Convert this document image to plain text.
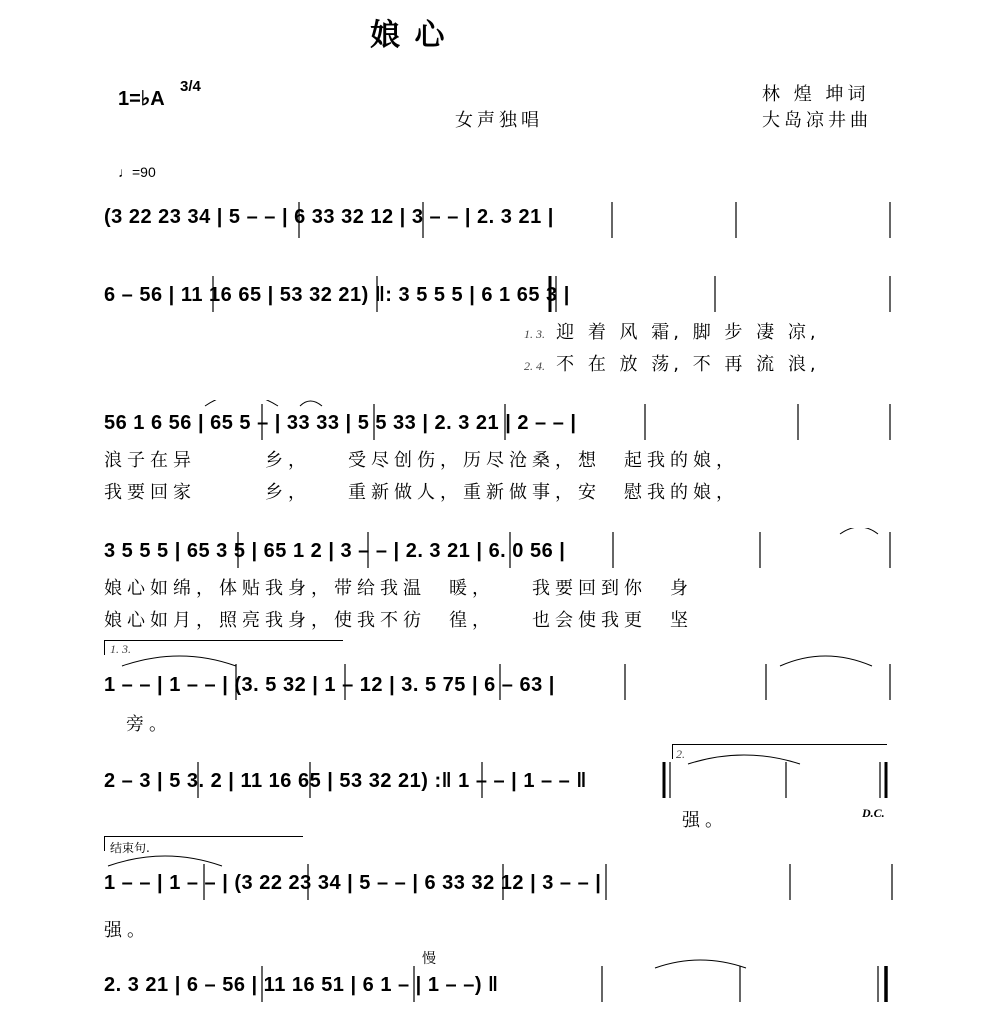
娘 心
1=♭A
3/4
女声独唱
林 煌 坤词
大岛凉井曲
♩=90
(3 22 23 34 | 5 – – | 6 33 32 12 | 3 – – | 2. 3 21 |
6 – 56 | 11 16 65 | 53 32 21) ‖: 3 5 5 5 | 6 1 65 3 |
1. 3. 迎 着 风 霜, 脚 步 凄 凉,
2. 4. 不 在 放 荡, 不 再 流 浪,
56 1 6 56 | 65 5 – | 33 33 | 5 5 33 | 2. 3 21 | 2 – – |
浪子在异　　　乡，　　受尽创伤，历尽沧桑，想　起我的娘，
我要回家　　　乡，　　重新做人，重新做事，安　慰我的娘，
3 5 5 5 | 65 3 5 | 65 1 2 | 3 – – | 2. 3 21 | 6. 0 56 |
娘心如绵，体贴我身，带给我温　暖，　　我要回到你　身
娘心如月，照亮我身，使我不彷　徨，　　也会使我更　坚
1. 3.
1 – – | 1 – – | (3. 5 32 | 1 – 12 | 3. 5 75 | 6 – 63 |
旁。
2.
2 – 3 | 5 3. 2 | 11 16 65 | 53 32 21) :‖ 1 – – | 1 – – ‖
强。	D.C.
结束句.
1 – – | 1 – – | (3 22 23 34 | 5 – – | 6 33 32 12 | 3 – – |
强。
慢
2. 3 21 | 6 – 56 | 11 16 51 | 6 1 – | 1 – –) ‖
